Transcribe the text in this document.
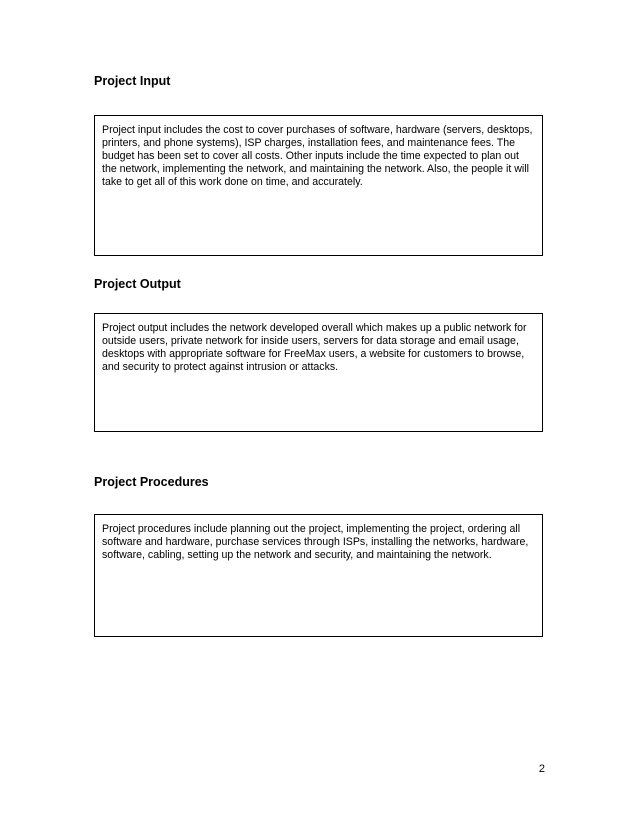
Project Input

Project input includes the cost to cover purchases of software, hardware (servers, desktops, printers, and phone systems), ISP charges, installation fees, and maintenance fees. The budget has been set to cover all costs. Other inputs include the time expected to plan out the network, implementing the network, and maintaining the network. Also, the people it will take to get all of this work done on time, and accurately.

Project Output

Project output includes the network developed overall which makes up a public network for outside users, private network for inside users, servers for data storage and email usage, desktops with appropriate software for FreeMax users, a website for customers to browse, and security to protect against intrusion or attacks.

Project Procedures

Project procedures include planning out the project, implementing the project, ordering all software and hardware, purchase services through ISPs, installing the networks, hardware, software, cabling, setting up the network and security, and maintaining the network.

2
